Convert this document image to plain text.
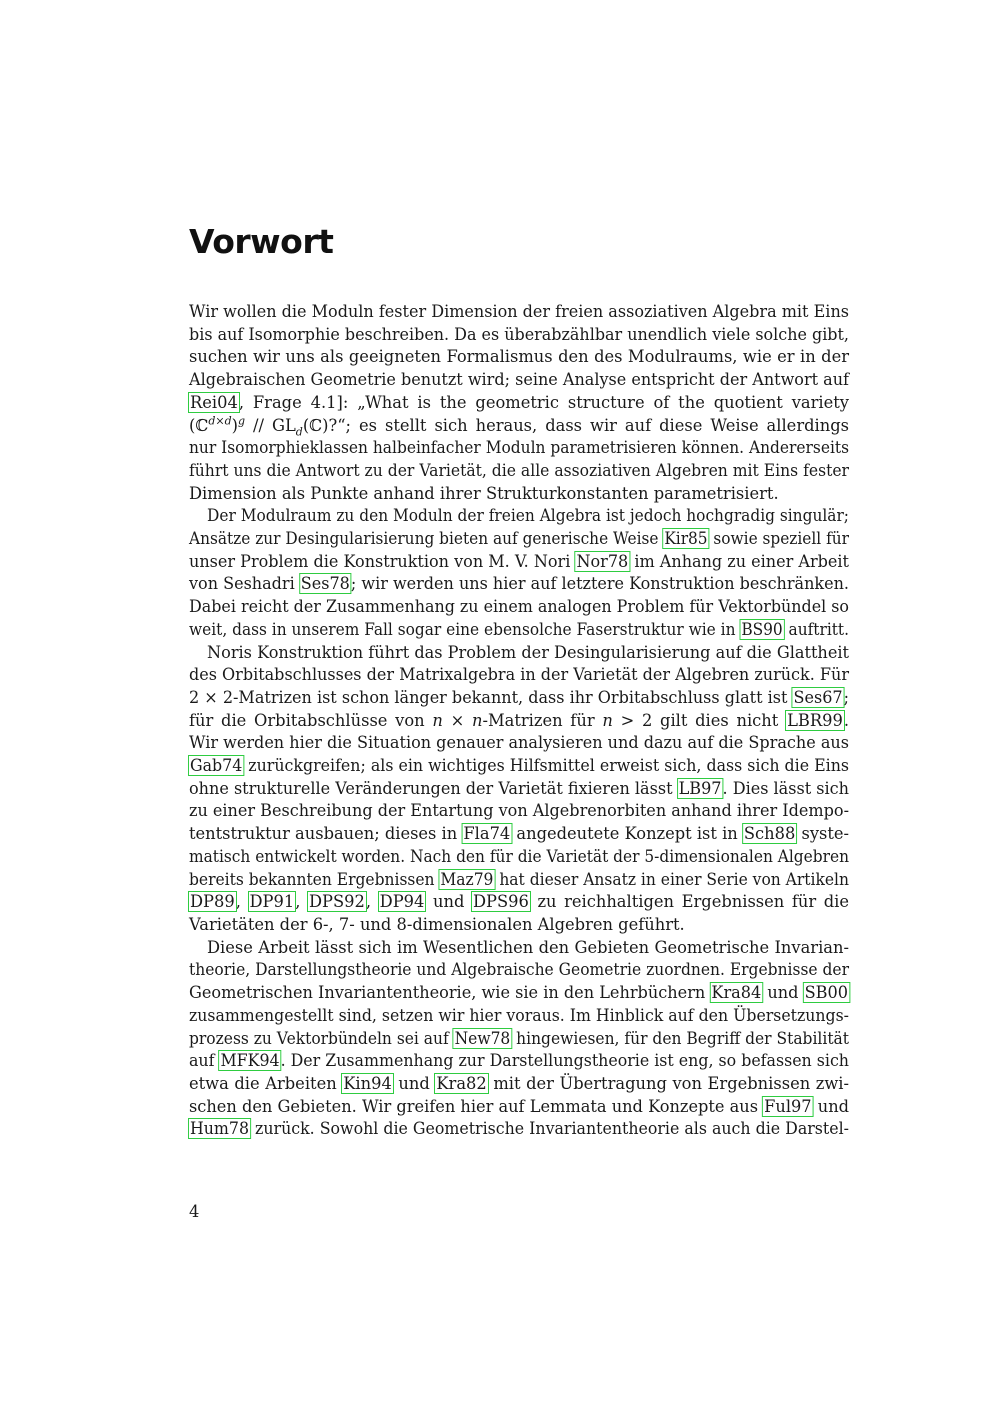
Vorwort
Wir wollen die Moduln fester Dimension der freien assoziativen Algebra mit Eins
bis auf Isomorphie beschreiben. Da es überabzählbar unendlich viele solche gibt,
suchen wir uns als geeigneten Formalismus den des Modulraums, wie er in der
Algebraischen Geometrie benutzt wird; seine Analyse entspricht der Antwort auf
Rei04, Frage 4.1]: „What is the geometric structure of the quotient variety
(ℂ$^{d\times d}$)$^g$ // $GL_d(ℂ)?“$; es stellt sich heraus, dass wir auf diese Weise allerdings
nur Isomorphieklassen halbeinfacher Moduln parametrisieren können. Andererseits
führt uns die Antwort zu der Varietät, die alle assoziativen Algebren mit Eins fester
Dimension als Punkte anhand ihrer Strukturkonstanten parametrisiert.
Der Modulraum zu den Moduln der freien Algebra ist jedoch hochgradig singulär;
Ansätze zur Desingularisierung bieten auf generische Weise Kir85 sowie speziell für
unser Problem die Konstruktion von M. V. Nori Nor78 im Anhang zu einer Arbeit
von Seshadri Ses78; wir werden uns hier auf letztere Konstruktion beschränken.
Dabei reicht der Zusammenhang zu einem analogen Problem für Vektorbündel so
weit, dass in unserem Fall sogar eine ebensolche Faserstruktur wie in BS90 auftritt.
Noris Konstruktion führt das Problem der Desingularisierung auf die Glattheit
des Orbitabschlusses der Matrixalgebra in der Varietät der Algebren zurück. Für
2 × 2-Matrizen ist schon länger bekannt, dass ihr Orbitabschluss glatt ist Ses67;
für die Orbitabschlüsse von n × n-Matrizen für n > 2 gilt dies nicht LBR99.
Wir werden hier die Situation genauer analysieren und dazu auf die Sprache aus
Gab74 zurückgreifen; als ein wichtiges Hilfsmittel erweist sich, dass sich die Eins
ohne strukturelle Veränderungen der Varietät fixieren lässt LB97. Dies lässt sich
zu einer Beschreibung der Entartung von Algebrenorbiten anhand ihrer Idempo-
tentstruktur ausbauen; dieses in Fla74 angedeutete Konzept ist in Sch88 syste-
matisch entwickelt worden. Nach den für die Varietät der 5-dimensionalen Algebren
bereits bekannten Ergebnissen Maz79 hat dieser Ansatz in einer Serie von Artikeln
DP89, DP91, DPS92, DP94 und DPS96 zu reichhaltigen Ergebnissen für die
Varietäten der 6-, 7- und 8-dimensionalen Algebren geführt.
Diese Arbeit lässt sich im Wesentlichen den Gebieten Geometrische Invarian-
theorie, Darstellungstheorie und Algebraische Geometrie zuordnen. Ergebnisse der
Geometrischen Invariantentheorie, wie sie in den Lehrbüchern Kra84 und SB00
zusammengestellt sind, setzen wir hier voraus. Im Hinblick auf den Übersetzungs-
prozess zu Vektorbündeln sei auf New78 hingewiesen, für den Begriff der Stabilität
auf MFK94. Der Zusammenhang zur Darstellungstheorie ist eng, so befassen sich
etwa die Arbeiten Kin94 und Kra82 mit der Übertragung von Ergebnissen zwi-
schen den Gebieten. Wir greifen hier auf Lemmata und Konzepte aus Ful97 und
Hum78 zurück. Sowohl die Geometrische Invariantentheorie als auch die Darstel-
4
